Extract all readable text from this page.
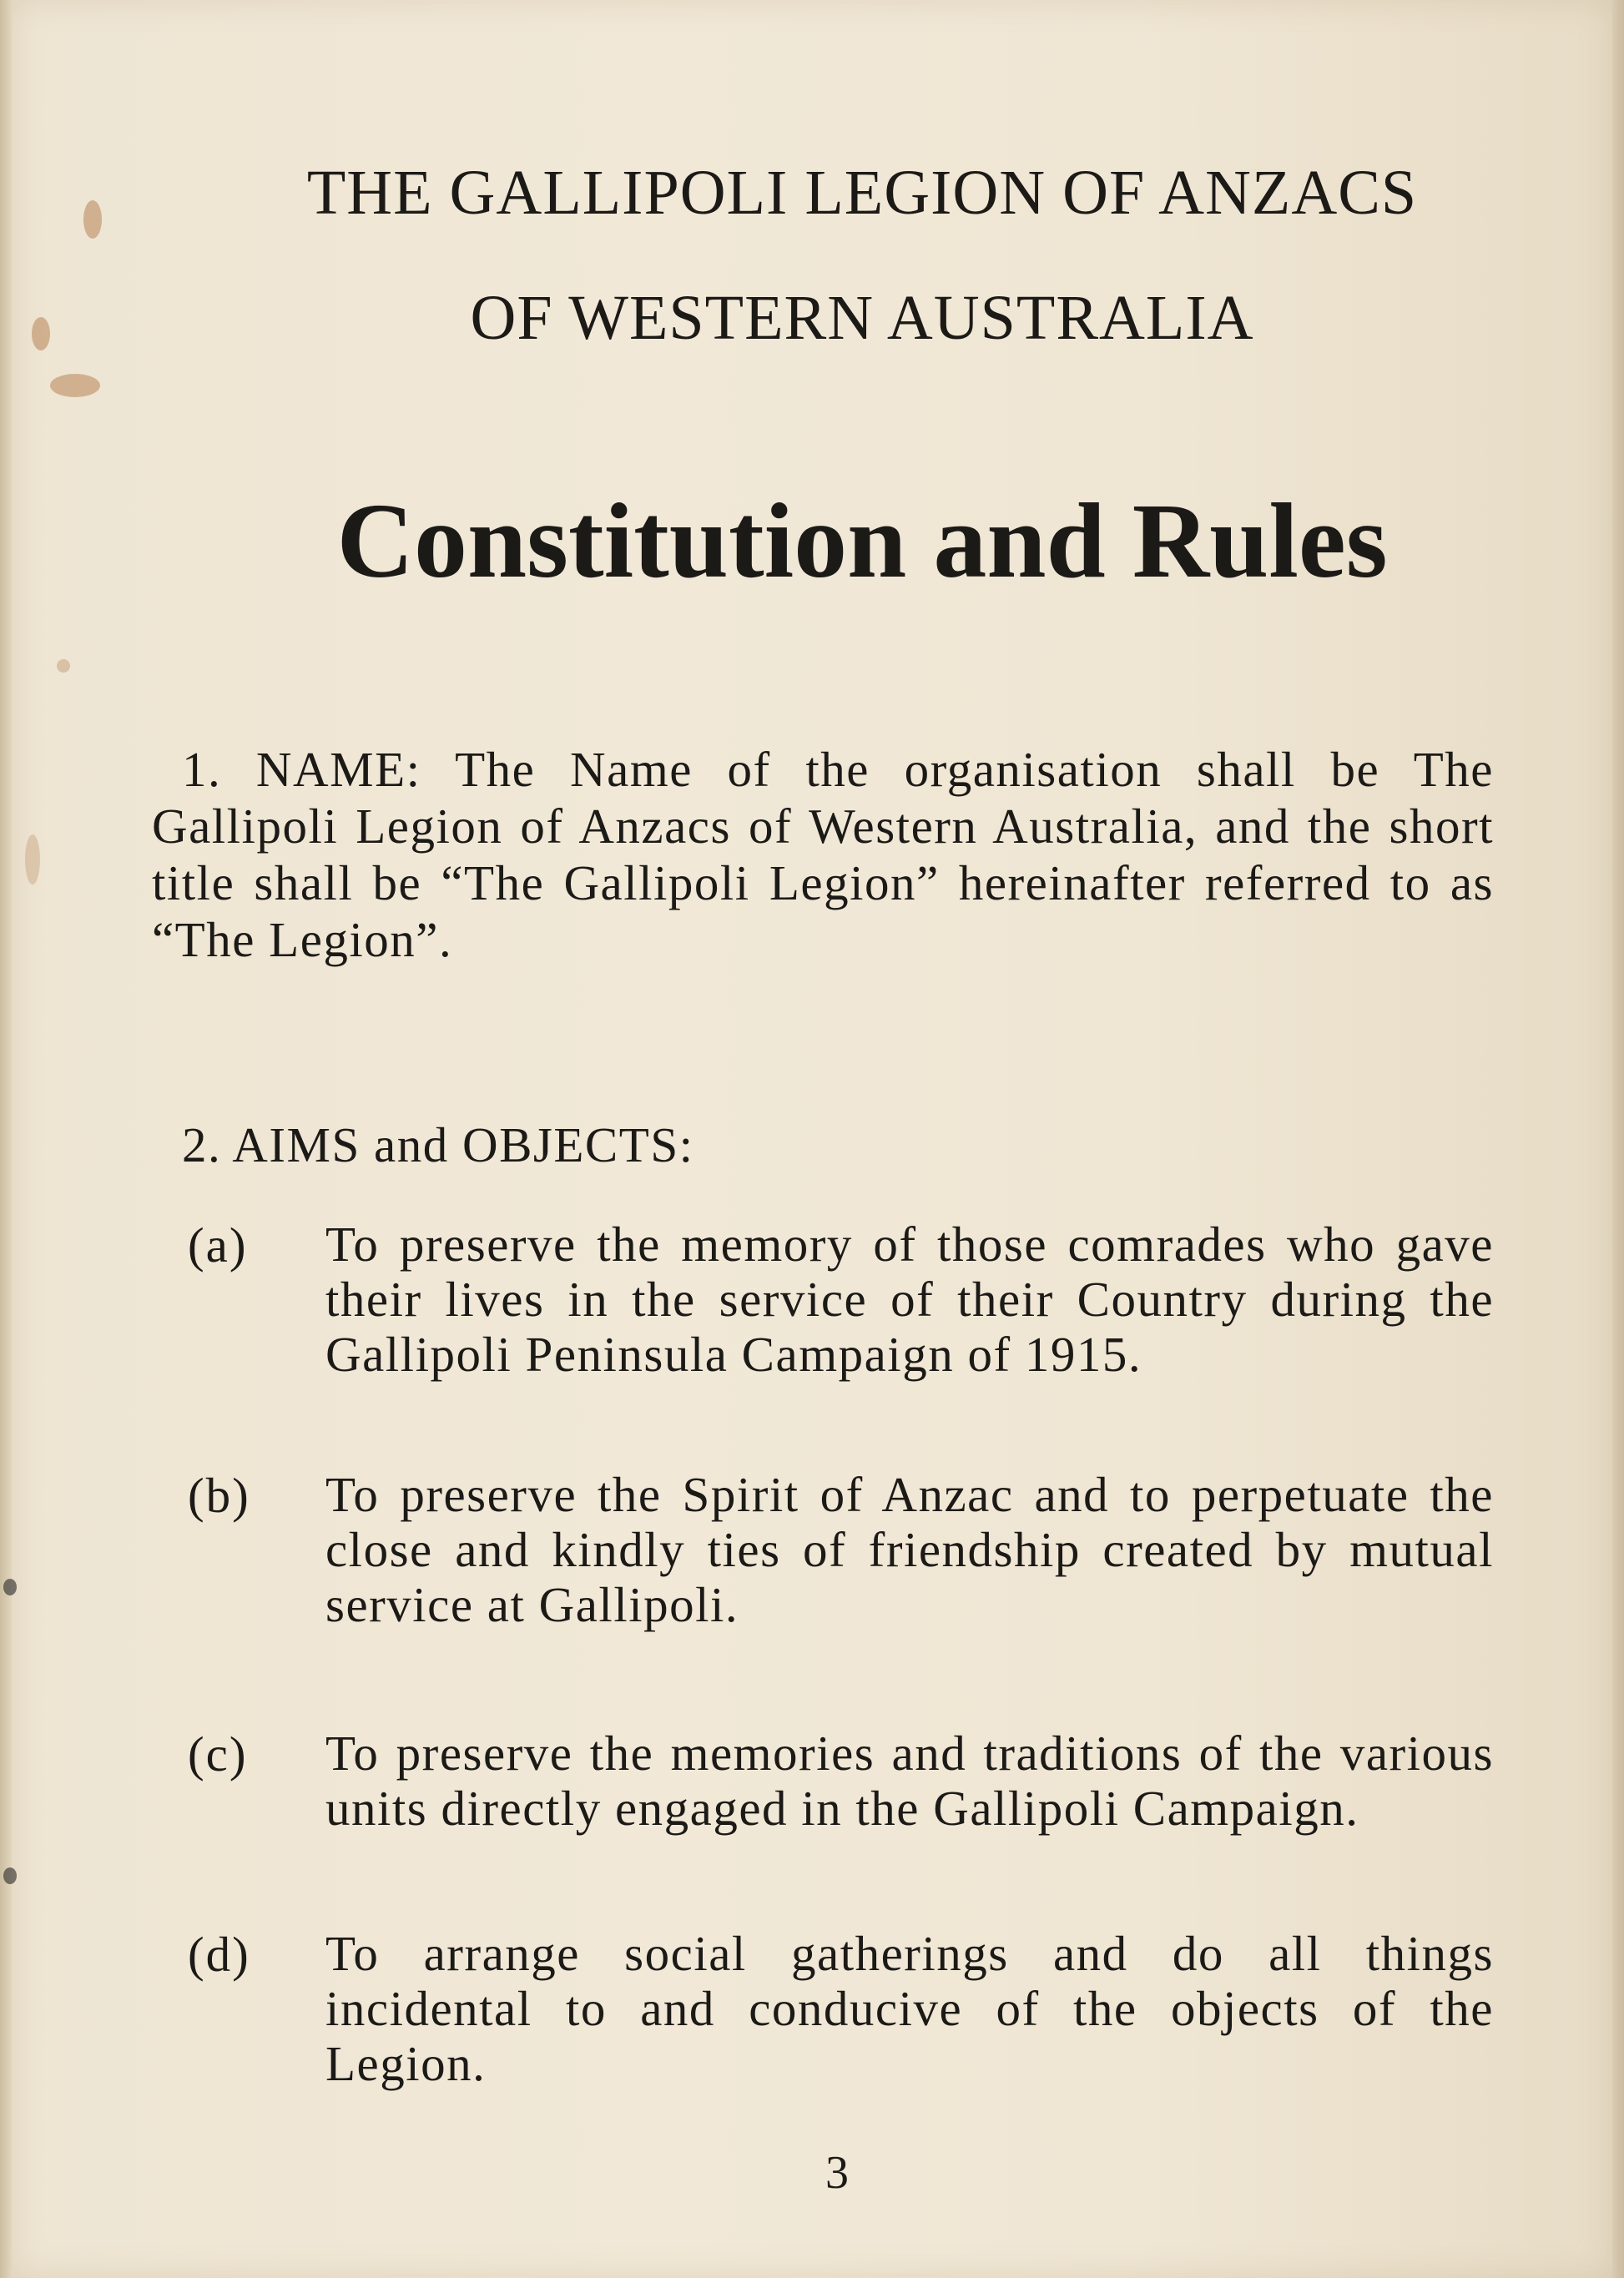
THE GALLIPOLI LEGION OF ANZACS
OF WESTERN AUSTRALIA
Constitution and Rules
1. NAME: The Name of the organisation shall be The Gallipoli Legion of Anzacs of Western Australia, and the short title shall be “The Gallipoli Legion” hereinafter referred to as “The Legion”.
2. AIMS and OBJECTS:
(a) To preserve the memory of those comrades who gave their lives in the service of their Country during the Gallipoli Peninsula Campaign of 1915.
(b) To preserve the Spirit of Anzac and to perpetuate the close and kindly ties of friendship created by mutual service at Gallipoli.
(c) To preserve the memories and traditions of the various units directly engaged in the Gallipoli Campaign.
(d) To arrange social gatherings and do all things incidental to and conducive of the objects of the Legion.
3
